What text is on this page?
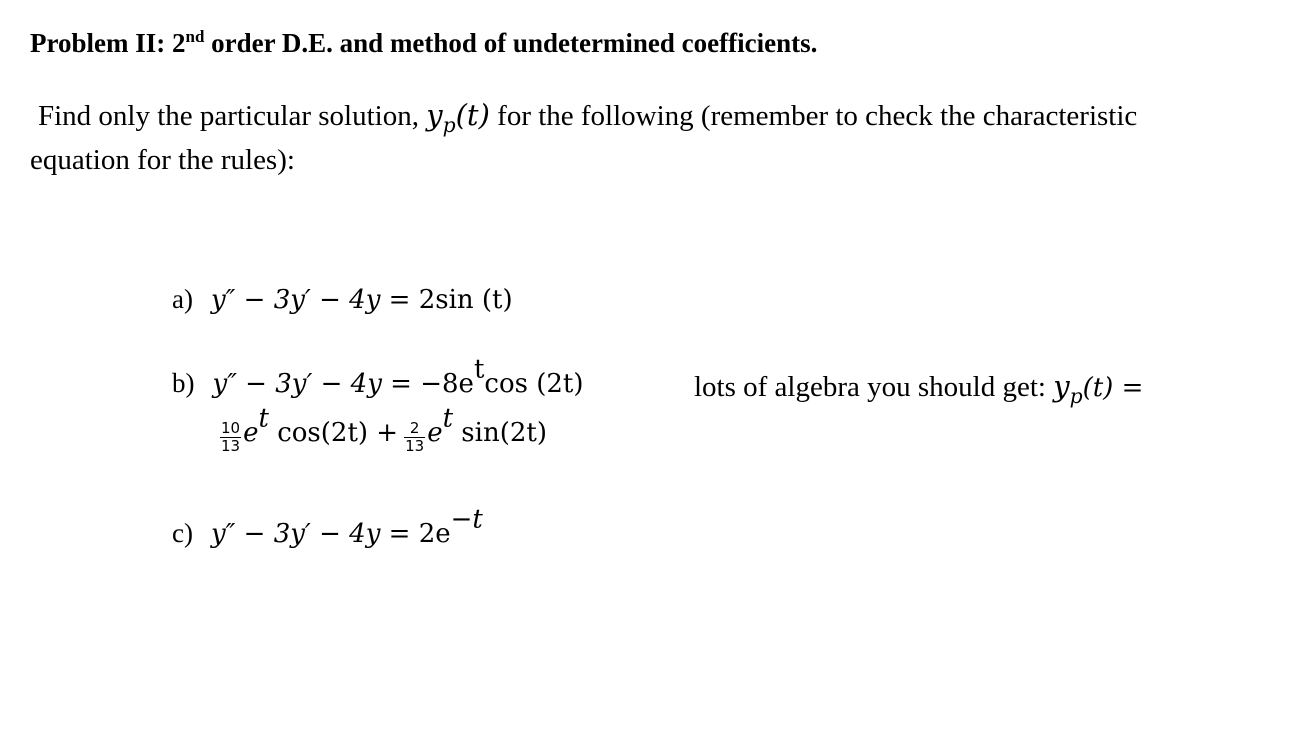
Problem II: 2nd order D.E. and method of undetermined coefficients.
Find only the particular solution, $y_p(t)$ for the following (remember to check the characteristic
equation for the rules):
a) y″ − 3y′ − 4y = 2sin (t)
b) y″ − 3y′ − 4y = −8etcos (2t)	lots of algebra you should get: $y_p(t)$ =
$\frac{10}{13}$ et $\cos(2t) + \frac{2}{13}$ et sin(2t)
c) y″ − 3y′ − 4y = 2e−t
